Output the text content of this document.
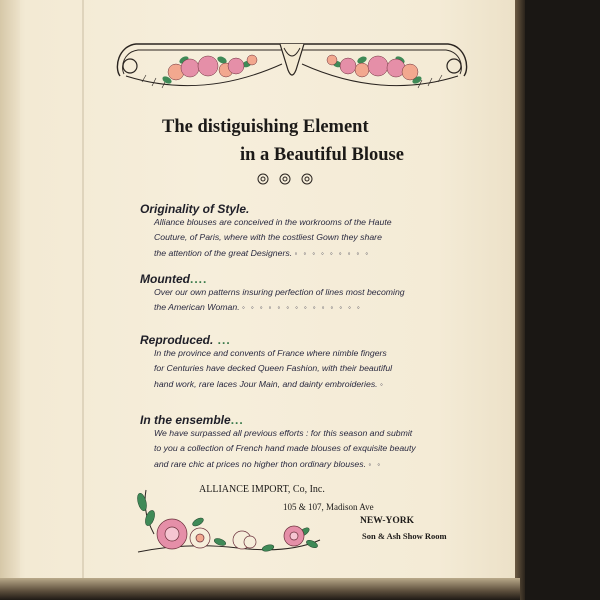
The distiguishing Element
in a Beautiful Blouse
Originality of Style.
Alliance blouses are conceived in the workrooms of the Haute
Couture, of Paris, where with the costliest Gown they share
the attention of the great Designers. ◦◦◦◦◦◦◦◦◦
Mounted....
Over our own patterns insuring perfection of lines most becoming
the American Woman. ◦◦◦◦◦◦◦◦◦◦◦◦◦◦
Reproduced. ...
In the province and convents of France where nimble fingers
for Centuries have decked Queen Fashion, with their beautiful
hand work, rare laces Jour Main, and dainty embroideries. ◦
In the ensemble...
We have surpassed all previous efforts : for this season and submit
to you a collection of French hand made blouses of exquisite beauty
and rare chic at prices no higher thon ordinary blouses. ◦◦
ALLIANCE IMPORT, Co, Inc.
105 & 107, Madison Ave
NEW-YORK
Son & Ash Show Room
